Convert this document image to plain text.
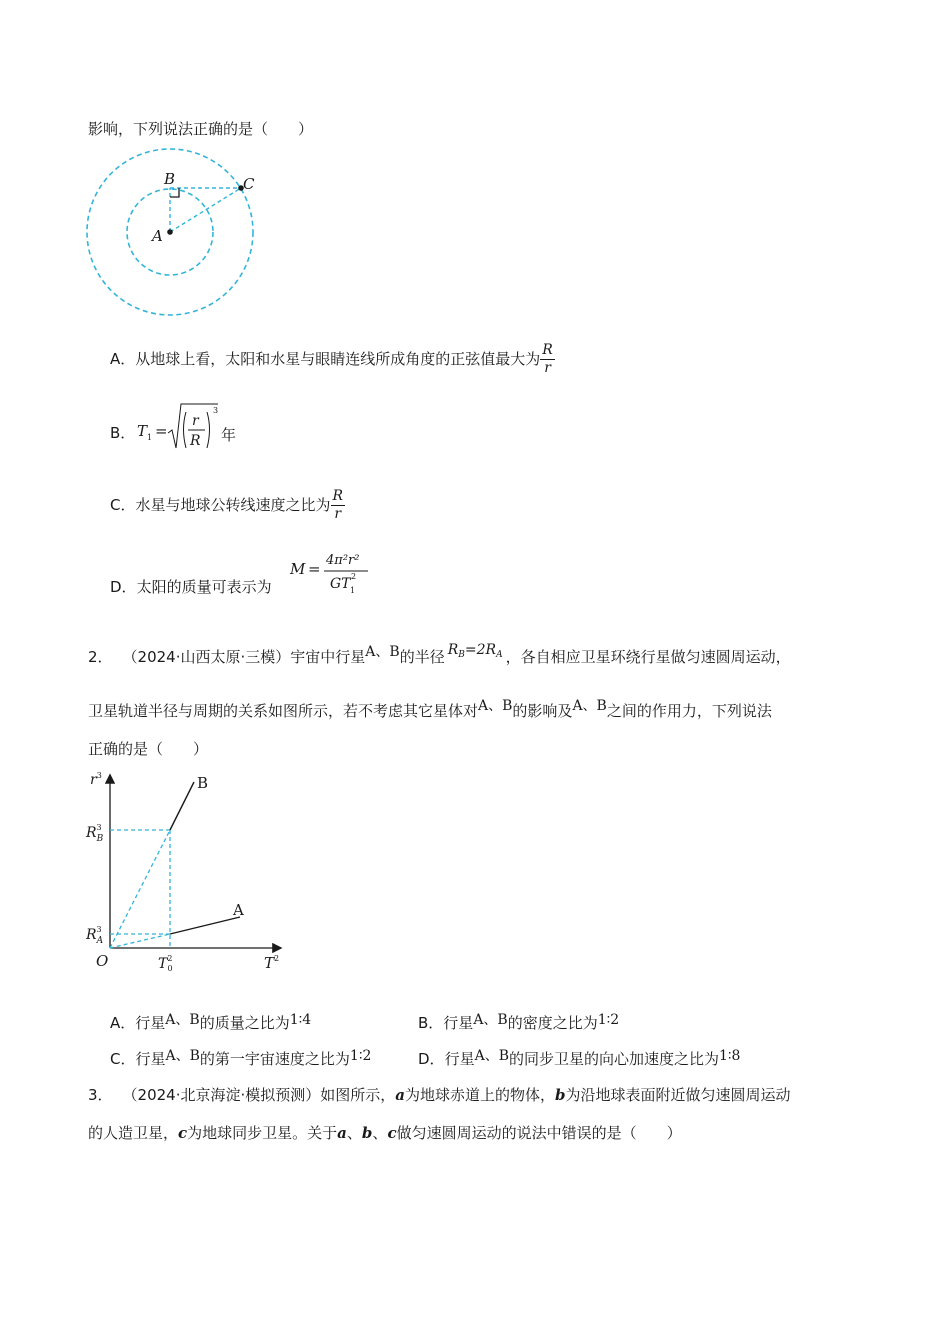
影响，下列说法正确的是（　　）
A
B	C
A．从地球上看，太阳和水星与眼睛连线所成角度的正弦值最大为 $\frac{R}{r}$
B． T 1 =
r
R
3
年
C．水星与地球公转线速度之比为 $\frac{R}{r}$
D．太阳的质量可表示为
M = 4π²r²
GT 1
2
2． （2024·山西太原·三模）宇宙中行星A、B的半径 $R_B=2R_A$ ，各自相应卫星环绕行星做匀速圆周运动，
卫星轨道半径与周期的关系如图所示，若不考虑其它星体对A、B的影响及A、B之间的作用力，下列说法
正确的是（　　）
$r^3$
$T^2$
O
$R^3$ B
$R^3$ A
$T^2$ 0
B
A
A．行星A、B的质量之比为1∶4	B．行星A、B的密度之比为1∶2
C．行星A、B的第一宇宙速度之比为1∶2	D．行星A、B的同步卫星的向心加速度之比为1∶8
3． （2024·北京海淀·模拟预测）如图所示，a为地球赤道上的物体，b为沿地球表面附近做匀速圆周运动
的人造卫星，c为地球同步卫星。关于a、b、c做匀速圆周运动的说法中错误的是（　　）
